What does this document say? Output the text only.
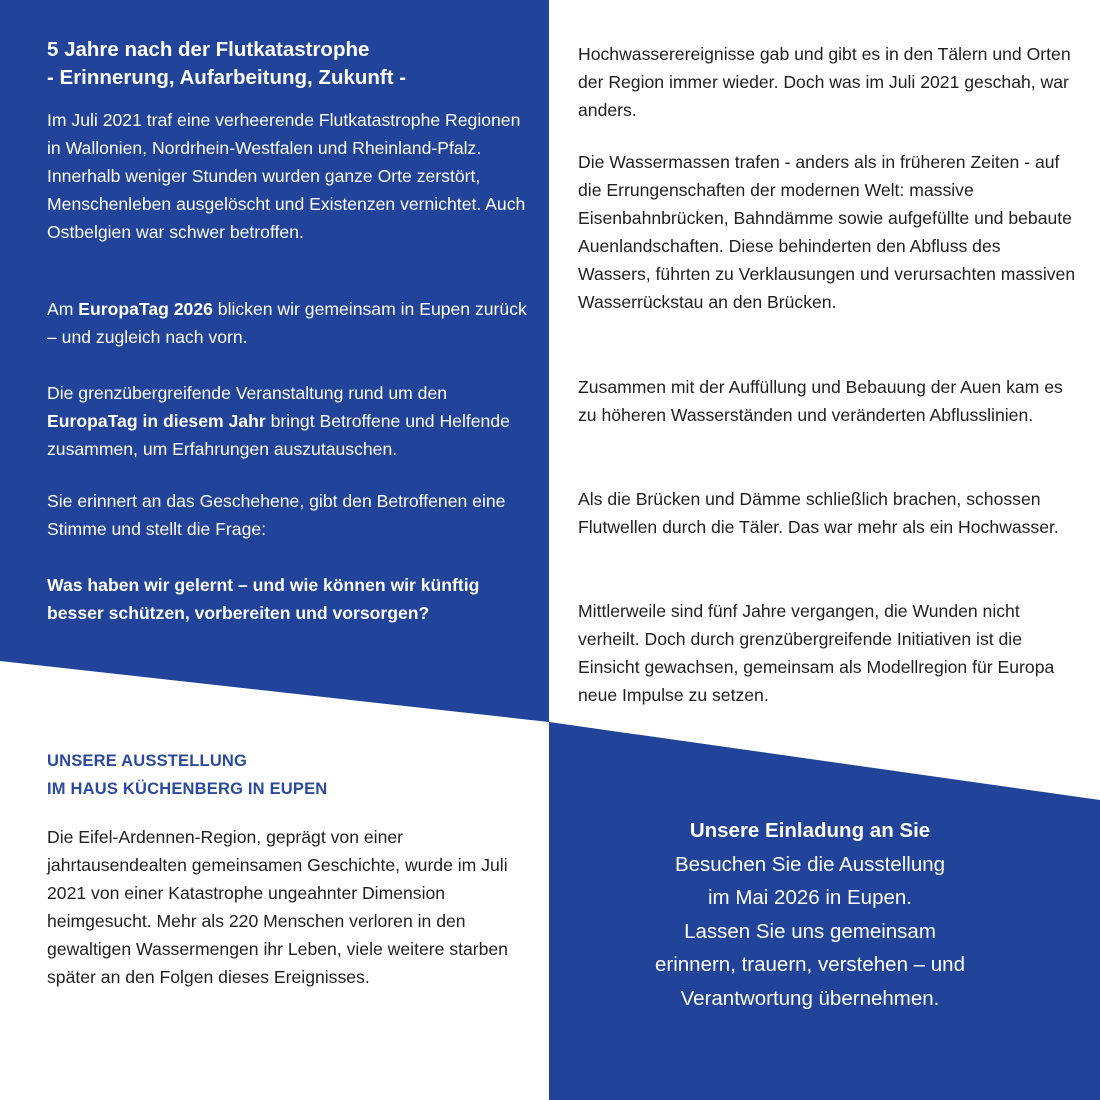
5 Jahre nach der Flutkatastrophe
- Erinnerung, Aufarbeitung, Zukunft -

Im Juli 2021 traf eine verheerende Flutkatastrophe Regionen in Wallonien, Nordrhein-Westfalen und Rheinland-Pfalz. Innerhalb weniger Stunden wurden ganze Orte zerstört, Menschenleben ausgelöscht und Existenzen vernichtet. Auch Ostbelgien war schwer betroffen.

Am EuropaTag 2026 blicken wir gemeinsam in Eupen zurück – und zugleich nach vorn.

Die grenzübergreifende Veranstaltung rund um den EuropaTag in diesem Jahr bringt Betroffene und Helfende zusammen, um Erfahrungen auszutauschen.

Sie erinnert an das Geschehene, gibt den Betroffenen eine Stimme und stellt die Frage:

Was haben wir gelernt – und wie können wir künftig besser schützen, vorbereiten und vorsorgen?

Hochwasserereignisse gab und gibt es in den Tälern und Orten der Region immer wieder. Doch was im Juli 2021 geschah, war anders.

Die Wassermassen trafen - anders als in früheren Zeiten - auf die Errungenschaften der modernen Welt: massive Eisenbahnbrücken, Bahndämme sowie aufgefüllte und bebaute Auenlandschaften. Diese behinderten den Abfluss des Wassers, führten zu Verklausungen und verursachten massiven Wasserrückstau an den Brücken.

Zusammen mit der Auffüllung und Bebauung der Auen kam es zu höheren Wasserständen und veränderten Abflusslinien.

Als die Brücken und Dämme schließlich brachen, schossen Flutwellen durch die Täler. Das war mehr als ein Hochwasser.

Mittlerweile sind fünf Jahre vergangen, die Wunden nicht verheilt. Doch durch grenzübergreifende Initiativen ist die Einsicht gewachsen, gemeinsam als Modellregion für Europa neue Impulse zu setzen.

UNSERE AUSSTELLUNG
IM HAUS KÜCHENBERG IN EUPEN

Die Eifel-Ardennen-Region, geprägt von einer jahrtausendealten gemeinsamen Geschichte, wurde im Juli 2021 von einer Katastrophe ungeahnter Dimension heimgesucht. Mehr als 220 Menschen verloren in den gewaltigen Wassermengen ihr Leben, viele weitere starben später an den Folgen dieses Ereignisses.

Unsere Einladung an Sie
Besuchen Sie die Ausstellung
im Mai 2026 in Eupen.
Lassen Sie uns gemeinsam
erinnern, trauern, verstehen – und
Verantwortung übernehmen.
